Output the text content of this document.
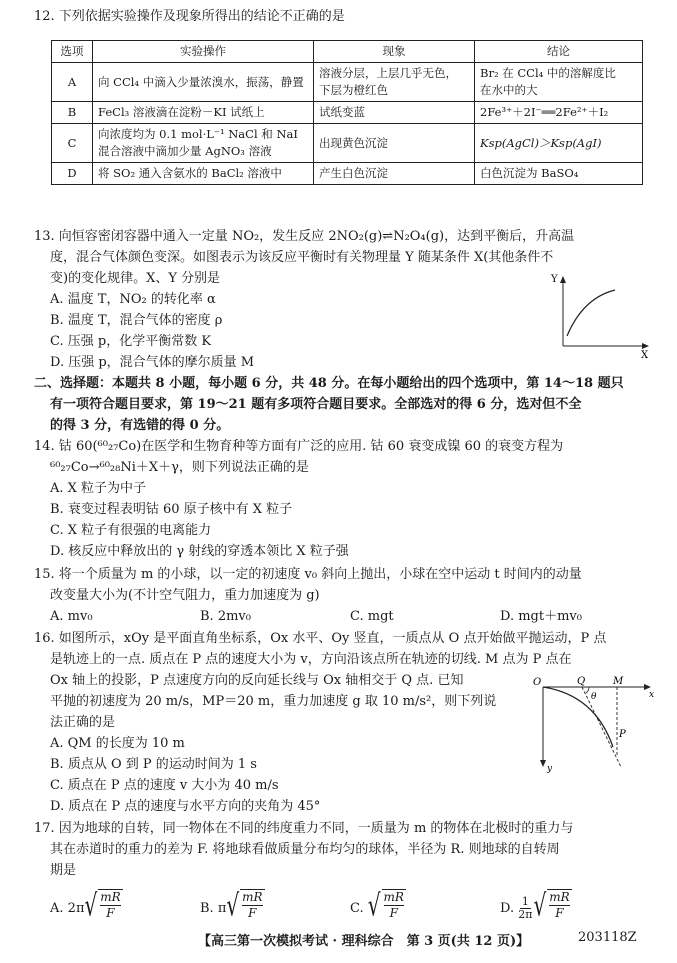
12. 下列依据实验操作及现象所得出的结论不正确的是
选项	实验操作	现象	结论
A	向 CCl₄ 中滴入少量浓溴水，振荡，静置	溶液分层，上层几乎无色，
下层为橙红色	Br₂ 在 CCl₄ 中的溶解度比
在水中的大
B	FeCl₃ 溶液滴在淀粉－KI 试纸上	试纸变蓝	2Fe³⁺＋2I⁻══2Fe²⁺＋I₂
C	向浓度均为 0.1 mol·L⁻¹ NaCl 和 NaI
混合溶液中滴加少量 AgNO₃ 溶液	出现黄色沉淀	Ksp(AgCl)＞Ksp(AgI)
D	将 SO₂ 通入含氨水的 BaCl₂ 溶液中	产生白色沉淀	白色沉淀为 BaSO₄
13. 向恒容密闭容器中通入一定量 NO₂，发生反应 2NO₂(g)⇌N₂O₄(g)，达到平衡后，升高温
度，混合气体颜色变深。如图表示为该反应平衡时有关物理量 Y 随某条件 X(其他条件不
变)的变化规律。X、Y 分别是
A. 温度 T，NO₂ 的转化率 α
B. 温度 T，混合气体的密度 ρ
C. 压强 p，化学平衡常数 K
D. 压强 p，混合气体的摩尔质量 M
Y
X
二、选择题：本题共 8 小题，每小题 6 分，共 48 分。在每小题给出的四个选项中，第 14～18 题只
有一项符合题目要求，第 19～21 题有多项符合题目要求。全部选对的得 6 分，选对但不全
的得 3 分，有选错的得 0 分。
14. 钴 60(⁶⁰₂₇Co)在医学和生物育种等方面有广泛的应用. 钴 60 衰变成镍 60 的衰变方程为
⁶⁰₂₇Co→⁶⁰₂₈Ni＋X＋γ，则下列说法正确的是
A. X 粒子为中子
B. 衰变过程表明钴 60 原子核中有 X 粒子
C. X 粒子有很强的电离能力
D. 核反应中释放出的 γ 射线的穿透本领比 X 粒子强
15. 将一个质量为 m 的小球，以一定的初速度 v₀ 斜向上抛出，小球在空中运动 t 时间内的动量
改变量大小为(不计空气阻力，重力加速度为 g)
A. mv₀	B. 2mv₀	C. mgt	D. mgt＋mv₀
16. 如图所示，xOy 是平面直角坐标系，Ox 水平、Oy 竖直，一质点从 O 点开始做平抛运动，P 点
是轨迹上的一点. 质点在 P 点的速度大小为 v，方向沿该点所在轨迹的切线. M 点为 P 点在
Ox 轴上的投影，P 点速度方向的反向延长线与 Ox 轴相交于 Q 点. 已知
平抛的初速度为 20 m/s，MP＝20 m，重力加速度 g 取 10 m/s²，则下列说
法正确的是
A. QM 的长度为 10 m
B. 质点从 O 到 P 的运动时间为 1 s
C. 质点在 P 点的速度 v 大小为 40 m/s
D. 质点在 P 点的速度与水平方向的夹角为 45°
O	Q	M
θ
P
x
y
17. 因为地球的自转，同一物体在不同的纬度重力不同，一质量为 m 的物体在北极时的重力与
其在赤道时的重力的差为 F. 将地球看做质量分布均匀的球体，半径为 R. 则地球的自转周
期是
A. 2π √ $\frac{mR}{F}$	B. π √ $\frac{mR}{F}$	C. √ $\frac{mR}{F}$	D. $\frac{1}{2\pi}$ √ $\frac{mR}{F}$
【高三第一次模拟考试 · 理科综合　第 3 页(共 12 页)】	203118Z
